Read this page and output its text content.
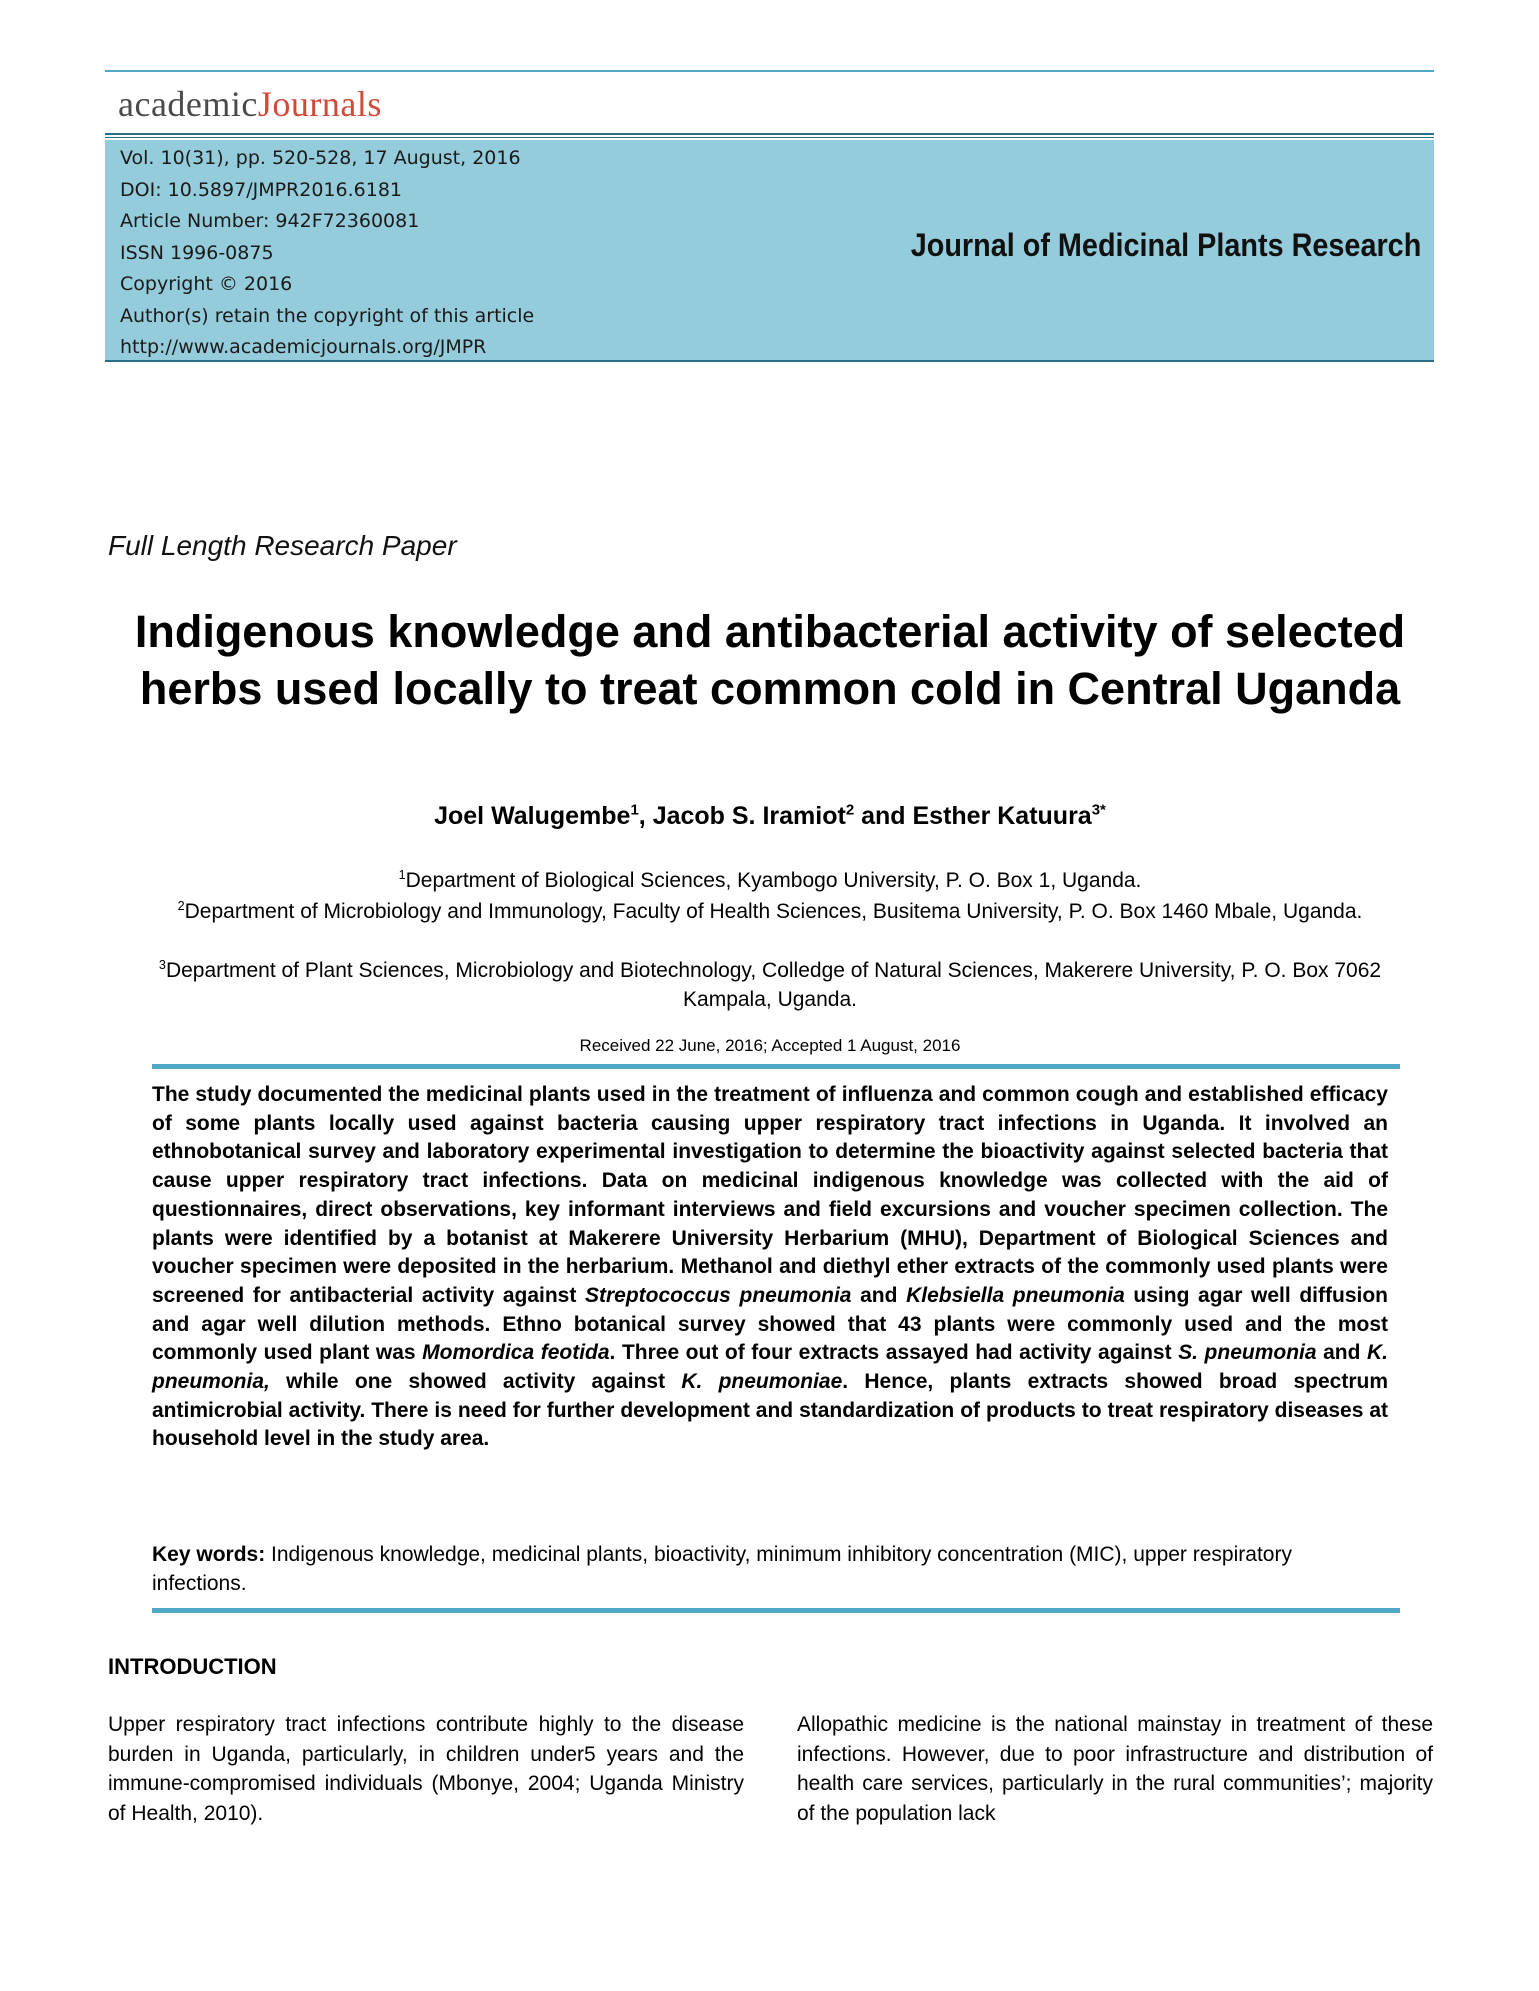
academicJournals
Vol. 10(31), pp. 520-528, 17 August, 2016
DOI: 10.5897/JMPR2016.6181
Article Number: 942F72360081
ISSN 1996-0875
Copyright © 2016
Author(s) retain the copyright of this article
http://www.academicjournals.org/JMPR
Journal of Medicinal Plants Research
Full Length Research Paper
Indigenous knowledge and antibacterial activity of selected herbs used locally to treat common cold in Central Uganda
Joel Walugembe$^1$, Jacob S. Iramiot$^2$ and Esther Katuura$^{3*}$
$^1$Department of Biological Sciences, Kyambogo University, P. O. Box 1, Uganda.
$^2$Department of Microbiology and Immunology, Faculty of Health Sciences, Busitema University, P. O. Box 1460 Mbale, Uganda.
$^3$Department of Plant Sciences, Microbiology and Biotechnology, Colledge of Natural Sciences, Makerere University, P. O. Box 7062 Kampala, Uganda.
Received 22 June, 2016; Accepted 1 August, 2016
The study documented the medicinal plants used in the treatment of influenza and common cough and established efficacy of some plants locally used against bacteria causing upper respiratory tract infections in Uganda. It involved an ethnobotanical survey and laboratory experimental investigation to determine the bioactivity against selected bacteria that cause upper respiratory tract infections. Data on medicinal indigenous knowledge was collected with the aid of questionnaires, direct observations, key informant interviews and field excursions and voucher specimen collection. The plants were identified by a botanist at Makerere University Herbarium (MHU), Department of Biological Sciences and voucher specimen were deposited in the herbarium. Methanol and diethyl ether extracts of the commonly used plants were screened for antibacterial activity against Streptococcus pneumonia and Klebsiella pneumonia using agar well diffusion and agar well dilution methods. Ethno botanical survey showed that 43 plants were commonly used and the most commonly used plant was Momordica feotida. Three out of four extracts assayed had activity against S. pneumonia and K. pneumonia, while one showed activity against K. pneumoniae. Hence, plants extracts showed broad spectrum antimicrobial activity. There is need for further development and standardization of products to treat respiratory diseases at household level in the study area.
Key words: Indigenous knowledge, medicinal plants, bioactivity, minimum inhibitory concentration (MIC), upper respiratory infections.
INTRODUCTION
Upper respiratory tract infections contribute highly to the disease burden in Uganda, particularly, in children under5 years and the immune-compromised individuals (Mbonye, 2004; Uganda Ministry of Health, 2010).
Allopathic medicine is the national mainstay in treatment of these infections. However, due to poor infrastructure and distribution of health care services, particularly in the rural communities’; majority of the population lack
